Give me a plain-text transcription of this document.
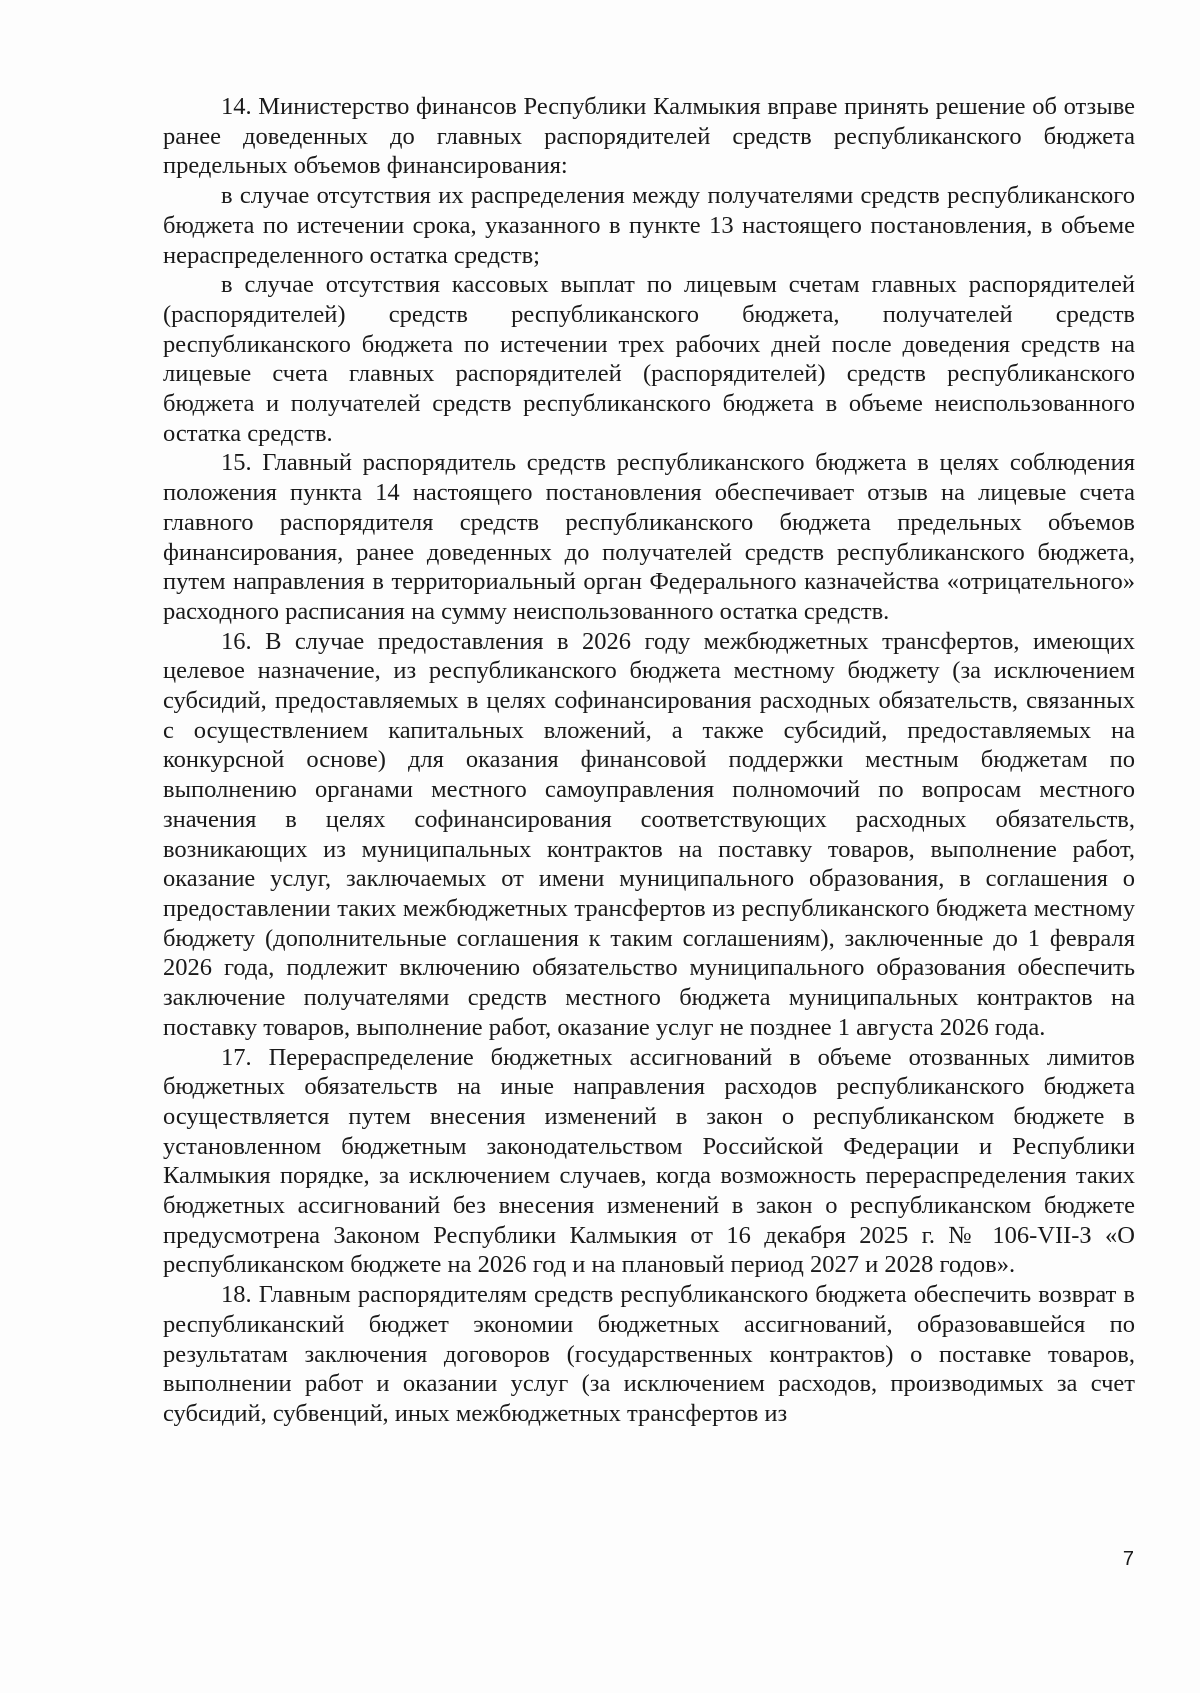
14. Министерство финансов Республики Калмыкия вправе принять решение об отзыве ранее доведенных до главных распорядителей средств республиканского бюджета предельных объемов финансирования:

в случае отсутствия их распределения между получателями средств республиканского бюджета по истечении срока, указанного в пункте 13 настоящего постановления, в объеме нераспределенного остатка средств;

в случае отсутствия кассовых выплат по лицевым счетам главных распорядителей (распорядителей) средств республиканского бюджета, получателей средств республиканского бюджета по истечении трех рабочих дней после доведения средств на лицевые счета главных распорядителей (распорядителей) средств республиканского бюджета и получателей средств республиканского бюджета в объеме неиспользованного остатка средств.

15. Главный распорядитель средств республиканского бюджета в целях соблюдения положения пункта 14 настоящего постановления обеспечивает отзыв на лицевые счета главного распорядителя средств республиканского бюджета предельных объемов финансирования, ранее доведенных до получателей средств республиканского бюджета, путем направления в территориальный орган Федерального казначейства «отрицательного» расходного расписания на сумму неиспользованного остатка средств.

16. В случае предоставления в 2026 году межбюджетных трансфертов, имеющих целевое назначение, из республиканского бюджета местному бюджету (за исключением субсидий, предоставляемых в целях софинансирования расходных обязательств, связанных с осуществлением капитальных вложений, а также субсидий, предоставляемых на конкурсной основе) для оказания финансовой поддержки местным бюджетам по выполнению органами местного самоуправления полномочий по вопросам местного значения в целях софинансирования соответствующих расходных обязательств, возникающих из муниципальных контрактов на поставку товаров, выполнение работ, оказание услуг, заключаемых от имени муниципального образования, в соглашения о предоставлении таких межбюджетных трансфертов из республиканского бюджета местному бюджету (дополнительные соглашения к таким соглашениям), заключенные до 1 февраля 2026 года, подлежит включению обязательство муниципального образования обеспечить заключение получателями средств местного бюджета муниципальных контрактов на поставку товаров, выполнение работ, оказание услуг не позднее 1 августа 2026 года.

17. Перераспределение бюджетных ассигнований в объеме отозванных лимитов бюджетных обязательств на иные направления расходов республиканского бюджета осуществляется путем внесения изменений в закон о республиканском бюджете в установленном бюджетным законодательством Российской Федерации и Республики Калмыкия порядке, за исключением случаев, когда возможность перераспределения таких бюджетных ассигнований без внесения изменений в закон о республиканском бюджете предусмотрена Законом Республики Калмыкия от 16 декабря 2025 г. № 106-VII-З «О республиканском бюджете на 2026 год и на плановый период 2027 и 2028 годов».

18. Главным распорядителям средств республиканского бюджета обеспечить возврат в республиканский бюджет экономии бюджетных ассигнований, образовавшейся по результатам заключения договоров (государственных контрактов) о поставке товаров, выполнении работ и оказании услуг (за исключением расходов, производимых за счет субсидий, субвенций, иных межбюджетных трансфертов из

7
